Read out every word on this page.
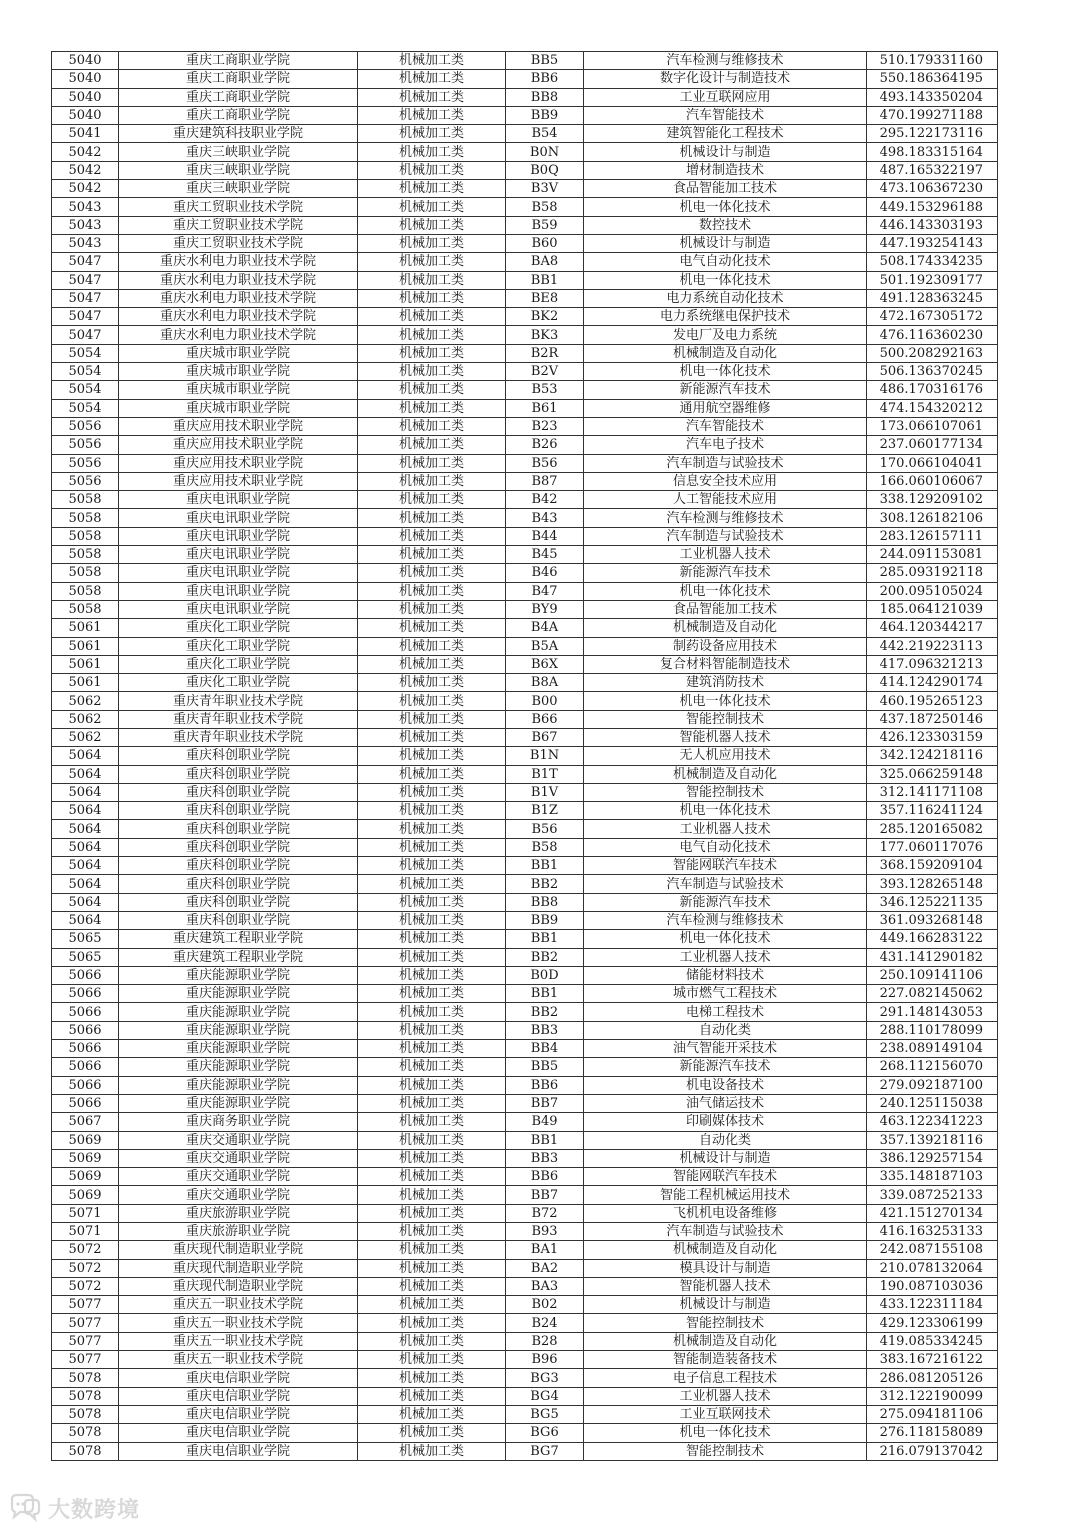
5040	重庆工商职业学院	机械加工类	BB5	汽车检测与维修技术	510.179331160
5040	重庆工商职业学院	机械加工类	BB6	数字化设计与制造技术	550.186364195
5040	重庆工商职业学院	机械加工类	BB8	工业互联网应用	493.143350204
5040	重庆工商职业学院	机械加工类	BB9	汽车智能技术	470.199271188
5041	重庆建筑科技职业学院	机械加工类	B54	建筑智能化工程技术	295.122173116
5042	重庆三峡职业学院	机械加工类	B0N	机械设计与制造	498.183315164
5042	重庆三峡职业学院	机械加工类	B0Q	增材制造技术	487.165322197
5042	重庆三峡职业学院	机械加工类	B3V	食品智能加工技术	473.106367230
5043	重庆工贸职业技术学院	机械加工类	B58	机电一体化技术	449.153296188
5043	重庆工贸职业技术学院	机械加工类	B59	数控技术	446.143303193
5043	重庆工贸职业技术学院	机械加工类	B60	机械设计与制造	447.193254143
5047	重庆水利电力职业技术学院	机械加工类	BA8	电气自动化技术	508.174334235
5047	重庆水利电力职业技术学院	机械加工类	BB1	机电一体化技术	501.192309177
5047	重庆水利电力职业技术学院	机械加工类	BE8	电力系统自动化技术	491.128363245
5047	重庆水利电力职业技术学院	机械加工类	BK2	电力系统继电保护技术	472.167305172
5047	重庆水利电力职业技术学院	机械加工类	BK3	发电厂及电力系统	476.116360230
5054	重庆城市职业学院	机械加工类	B2R	机械制造及自动化	500.208292163
5054	重庆城市职业学院	机械加工类	B2V	机电一体化技术	506.136370245
5054	重庆城市职业学院	机械加工类	B53	新能源汽车技术	486.170316176
5054	重庆城市职业学院	机械加工类	B61	通用航空器维修	474.154320212
5056	重庆应用技术职业学院	机械加工类	B23	汽车智能技术	173.066107061
5056	重庆应用技术职业学院	机械加工类	B26	汽车电子技术	237.060177134
5056	重庆应用技术职业学院	机械加工类	B56	汽车制造与试验技术	170.066104041
5056	重庆应用技术职业学院	机械加工类	B87	信息安全技术应用	166.060106067
5058	重庆电讯职业学院	机械加工类	B42	人工智能技术应用	338.129209102
5058	重庆电讯职业学院	机械加工类	B43	汽车检测与维修技术	308.126182106
5058	重庆电讯职业学院	机械加工类	B44	汽车制造与试验技术	283.126157111
5058	重庆电讯职业学院	机械加工类	B45	工业机器人技术	244.091153081
5058	重庆电讯职业学院	机械加工类	B46	新能源汽车技术	285.093192118
5058	重庆电讯职业学院	机械加工类	B47	机电一体化技术	200.095105024
5058	重庆电讯职业学院	机械加工类	BY9	食品智能加工技术	185.064121039
5061	重庆化工职业学院	机械加工类	B4A	机械制造及自动化	464.120344217
5061	重庆化工职业学院	机械加工类	B5A	制药设备应用技术	442.219223113
5061	重庆化工职业学院	机械加工类	B6X	复合材料智能制造技术	417.096321213
5061	重庆化工职业学院	机械加工类	B8A	建筑消防技术	414.124290174
5062	重庆青年职业技术学院	机械加工类	B00	机电一体化技术	460.195265123
5062	重庆青年职业技术学院	机械加工类	B66	智能控制技术	437.187250146
5062	重庆青年职业技术学院	机械加工类	B67	智能机器人技术	426.123303159
5064	重庆科创职业学院	机械加工类	B1N	无人机应用技术	342.124218116
5064	重庆科创职业学院	机械加工类	B1T	机械制造及自动化	325.066259148
5064	重庆科创职业学院	机械加工类	B1V	智能控制技术	312.141171108
5064	重庆科创职业学院	机械加工类	B1Z	机电一体化技术	357.116241124
5064	重庆科创职业学院	机械加工类	B56	工业机器人技术	285.120165082
5064	重庆科创职业学院	机械加工类	B58	电气自动化技术	177.060117076
5064	重庆科创职业学院	机械加工类	BB1	智能网联汽车技术	368.159209104
5064	重庆科创职业学院	机械加工类	BB2	汽车制造与试验技术	393.128265148
5064	重庆科创职业学院	机械加工类	BB8	新能源汽车技术	346.125221135
5064	重庆科创职业学院	机械加工类	BB9	汽车检测与维修技术	361.093268148
5065	重庆建筑工程职业学院	机械加工类	BB1	机电一体化技术	449.166283122
5065	重庆建筑工程职业学院	机械加工类	BB2	工业机器人技术	431.141290182
5066	重庆能源职业学院	机械加工类	B0D	储能材料技术	250.109141106
5066	重庆能源职业学院	机械加工类	BB1	城市燃气工程技术	227.082145062
5066	重庆能源职业学院	机械加工类	BB2	电梯工程技术	291.148143053
5066	重庆能源职业学院	机械加工类	BB3	自动化类	288.110178099
5066	重庆能源职业学院	机械加工类	BB4	油气智能开采技术	238.089149104
5066	重庆能源职业学院	机械加工类	BB5	新能源汽车技术	268.112156070
5066	重庆能源职业学院	机械加工类	BB6	机电设备技术	279.092187100
5066	重庆能源职业学院	机械加工类	BB7	油气储运技术	240.125115038
5067	重庆商务职业学院	机械加工类	B49	印刷媒体技术	463.122341223
5069	重庆交通职业学院	机械加工类	BB1	自动化类	357.139218116
5069	重庆交通职业学院	机械加工类	BB3	机械设计与制造	386.129257154
5069	重庆交通职业学院	机械加工类	BB6	智能网联汽车技术	335.148187103
5069	重庆交通职业学院	机械加工类	BB7	智能工程机械运用技术	339.087252133
5071	重庆旅游职业学院	机械加工类	B72	飞机机电设备维修	421.151270134
5071	重庆旅游职业学院	机械加工类	B93	汽车制造与试验技术	416.163253133
5072	重庆现代制造职业学院	机械加工类	BA1	机械制造及自动化	242.087155108
5072	重庆现代制造职业学院	机械加工类	BA2	模具设计与制造	210.078132064
5072	重庆现代制造职业学院	机械加工类	BA3	智能机器人技术	190.087103036
5077	重庆五一职业技术学院	机械加工类	B02	机械设计与制造	433.122311184
5077	重庆五一职业技术学院	机械加工类	B24	智能控制技术	429.123306199
5077	重庆五一职业技术学院	机械加工类	B28	机械制造及自动化	419.085334245
5077	重庆五一职业技术学院	机械加工类	B96	智能制造装备技术	383.167216122
5078	重庆电信职业学院	机械加工类	BG3	电子信息工程技术	286.081205126
5078	重庆电信职业学院	机械加工类	BG4	工业机器人技术	312.122190099
5078	重庆电信职业学院	机械加工类	BG5	工业互联网技术	275.094181106
5078	重庆电信职业学院	机械加工类	BG6	机电一体化技术	276.118158089
5078	重庆电信职业学院	机械加工类	BG7	智能控制技术	216.079137042
大数跨境
